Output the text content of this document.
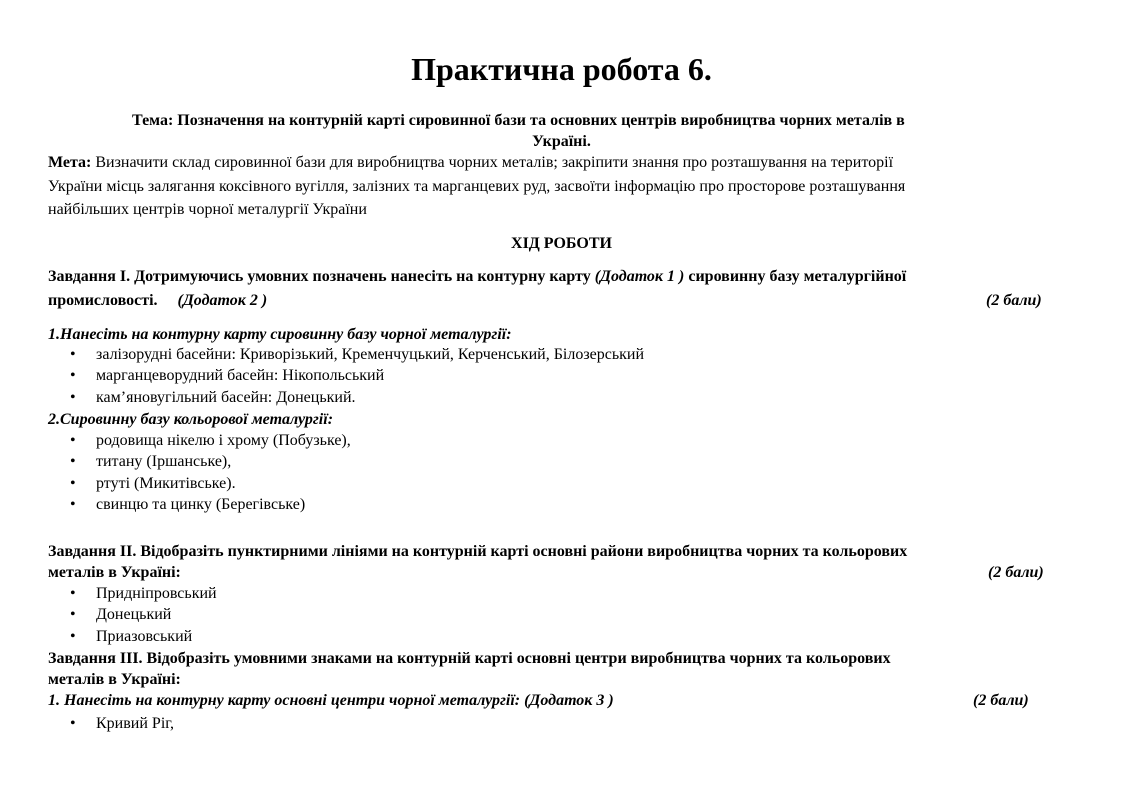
Практична робота 6.
Тема: Позначення на контурній карті сировинної бази та основних центрів виробництва чорних металів в
Україні.
Мета: Визначити склад сировинної бази для виробництва чорних металів; закріпити знання про розташування на території
України місць залягання коксівного вугілля, залізних та марганцевих руд, засвоїти інформацію про просторове розташування
найбільших центрів чорної металургії України
ХІД РОБОТИ
Завдання І. Дотримуючись умовних позначень нанесіть на контурну карту (Додаток 1 ) сировинну базу металургійної
промисловості. (Додаток 2 )	(2 бали)
1.Нанесіть на контурну карту сировинну базу чорної металургії:
• залізорудні басейни: Криворізький, Кременчуцький, Керченський, Білозерський
• марганцеворудний басейн: Нікопольський
• кам’яновугільний басейн: Донецький.
2.Сировинну базу кольорової металургії:
• родовища нікелю і хрому (Побузьке),
• титану (Іршанське),
• ртуті (Микитівське).
• свинцю та цинку (Берегівське)
Завдання ІІ. Відобразіть пунктирними лініями на контурній карті основні райони виробництва чорних та кольорових
металів в Україні:	(2 бали)
• Придніпровський
• Донецький
• Приазовський
Завдання ІІІ. Відобразіть умовними знаками на контурній карті основні центри виробництва чорних та кольорових
металів в Україні:
1. Нанесіть на контурну карту основні центри чорної металургії: (Додаток 3 )	(2 бали)
• Кривий Ріг,
